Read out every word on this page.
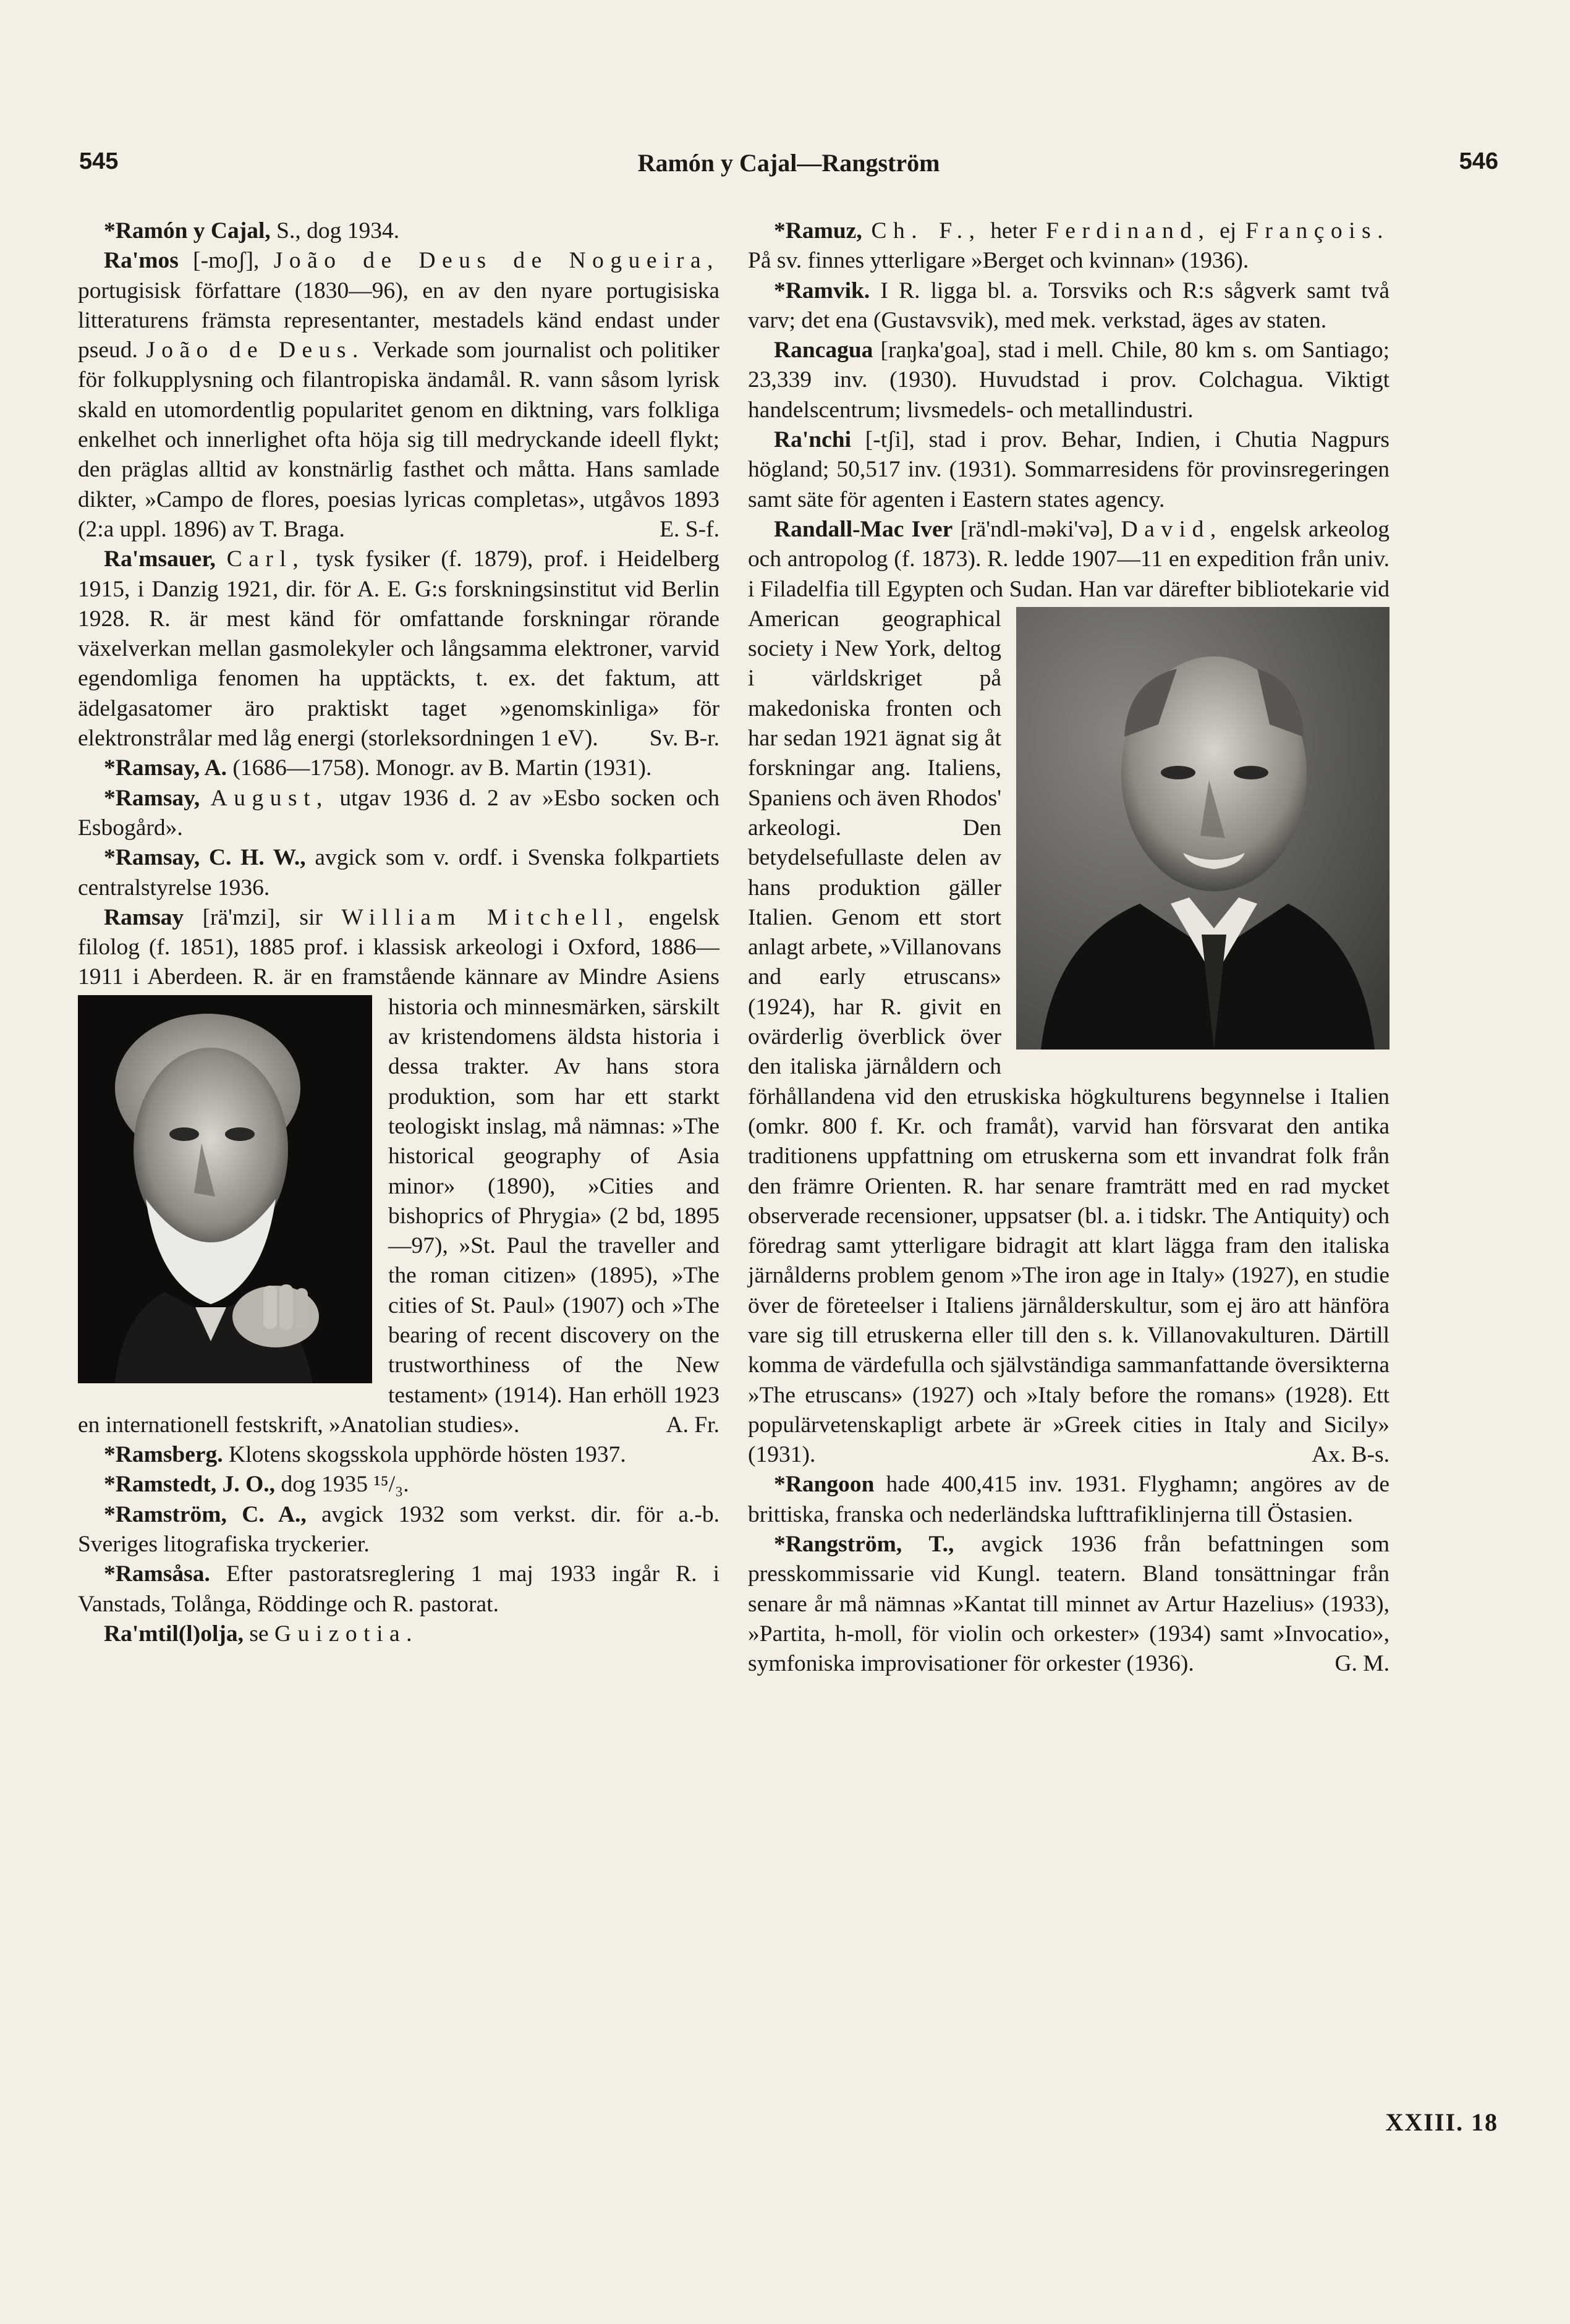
545	Ramón y Cajal—Rangström	546

*Ramón y Cajal, S., dog 1934.

Ra'mos [-moʃ], João de Deus de Nogueira, portugisisk författare (1830—96), en av den nyare portugisiska litteraturens främsta representanter, mestadels känd endast under pseud. João de Deus. Verkade som journalist och politiker för folkupplysning och filantropiska ändamål. R. vann såsom lyrisk skald en utomordentlig popularitet genom en diktning, vars folkliga enkelhet och innerlighet ofta höja sig till medryckande ideell flykt; den präglas alltid av konstnärlig fasthet och måtta. Hans samlade dikter, »Campo de flores, poesias lyricas completas», utgåvos 1893 (2:a uppl. 1896) av T. Braga.	E. S-f.

Ra'msauer, Carl, tysk fysiker (f. 1879), prof. i Heidelberg 1915, i Danzig 1921, dir. för A. E. G:s forskningsinstitut vid Berlin 1928. R. är mest känd för omfattande forskningar rörande växelverkan mellan gasmolekyler och långsamma elektroner, varvid egendomliga fenomen ha upptäckts, t. ex. det faktum, att ädelgasatomer äro praktiskt taget »genomskinliga» för elektronstrålar med låg energi (storleksordningen 1 eV). Sv. B-r.

*Ramsay, A. (1686—1758). Monogr. av B. Martin (1931).

*Ramsay, August, utgav 1936 d. 2 av »Esbo socken och Esbogård».

*Ramsay, C. H. W., avgick som v. ordf. i Svenska folkpartiets centralstyrelse 1936.

Ramsay [rä'mzi], sir William Mitchell, engelsk filolog (f. 1851), 1885 prof. i klassisk arkeologi i Oxford, 1886—1911 i Aberdeen. R. är en framstående kännare av Mindre
Asiens historia och minnesmärken, särskilt av kristendomens äldsta historia i dessa trakter. Av hans stora produktion, som har ett starkt teologiskt inslag, må nämnas: »The historical geography of Asia minor» (1890), »Cities and bishoprics of Phrygia» (2 bd, 1895—97), »St. Paul the traveller and the roman citizen» (1895), »The cities of St. Paul» (1907) och »The bearing of recent discovery on the trustworthiness of the New testament» (1914). Han erhöll 1923 en internationell festskrift, »Anatolian studies».	A. Fr.

*Ramsberg. Klotens skogsskola upphörde hösten 1937.

*Ramstedt, J. O., dog 1935 ¹⁵/₃.

*Ramström, C. A., avgick 1932 som verkst. dir. för a.-b. Sveriges litografiska tryckerier.

*Ramsåsa. Efter pastoratsreglering 1 maj 1933 ingår R. i Vanstads, Tolånga, Röddinge och R. pastorat.

Ra'mtil(l)olja, se Guizotia.

*Ramuz, Ch. F., heter Ferdinand, ej François. På sv. finnes ytterligare »Berget och kvinnan» (1936).

*Ramvik. I R. ligga bl. a. Torsviks och R:s sågverk samt två varv; det ena (Gustavsvik), med mek. verkstad, äges av staten.

Rancagua [raŋka'goa], stad i mell. Chile, 80 km s. om Santiago; 23,339 inv. (1930). Huvudstad i prov. Colchagua. Viktigt handelscentrum; livsmedels- och metallindustri.

Ra'nchi [-tʃi], stad i prov. Behar, Indien, i Chutia Nagpurs högland; 50,517 inv. (1931). Sommarresidens för provinsregeringen samt säte för agenten i Eastern states agency.

Randall-Mac Iver [rä'ndl-məki'və], David, engelsk arkeolog och antropolog (f. 1873). R. ledde 1907—11 en expedition från univ. i Filadelfia till Egypten och Sudan. Han var där
efter bibliotekarie vid American geographical society i New York, deltog i världskriget på makedoniska fronten och har sedan 1921 ägnat sig åt forskningar ang. Italiens, Spaniens och även Rhodos' arkeologi. Den betydelsefullaste delen av hans produktion gäller Italien. Genom ett stort anlagt arbete, »Villanovans and early etruscans» (1924), har R. givit en ovärderlig överblick över den italiska järnåldern och förhållandena vid den etruskiska högkulturens begynnelse i Italien (omkr. 800 f. Kr. och framåt), varvid han försvarat den antika traditionens uppfattning om etruskerna som ett invandrat folk från den främre Orienten. R. har senare framträtt med en rad mycket observerade recensioner, uppsatser (bl. a. i tidskr. The Antiquity) och föredrag samt ytterligare bidragit att klart lägga fram den italiska järnålderns problem genom »The iron age in Italy» (1927), en studie över de företeelser i Italiens järnålderskultur, som ej äro att hänföra vare sig till etruskerna eller till den s. k. Villanovakulturen. Därtill komma de värdefulla och självständiga sammanfattande översikterna »The etruscans» (1927) och »Italy before the romans» (1928). Ett populärvetenskapligt arbete är »Greek cities in Italy and Sicily» (1931).	Ax. B-s.

*Rangoon hade 400,415 inv. 1931. Flyghamn; angöres av de brittiska, franska och nederländska lufttrafiklinjerna till Östasien.

*Rangström, T., avgick 1936 från befattningen som presskommissarie vid Kungl. teatern. Bland tonsättningar från senare år må nämnas »Kantat till minnet av Artur Hazelius» (1933), »Partita, h-moll, för violin och orkester» (1934) samt »Invocatio», symfoniska improvisationer för orkester (1936).	G. M.

XXIII. 18
